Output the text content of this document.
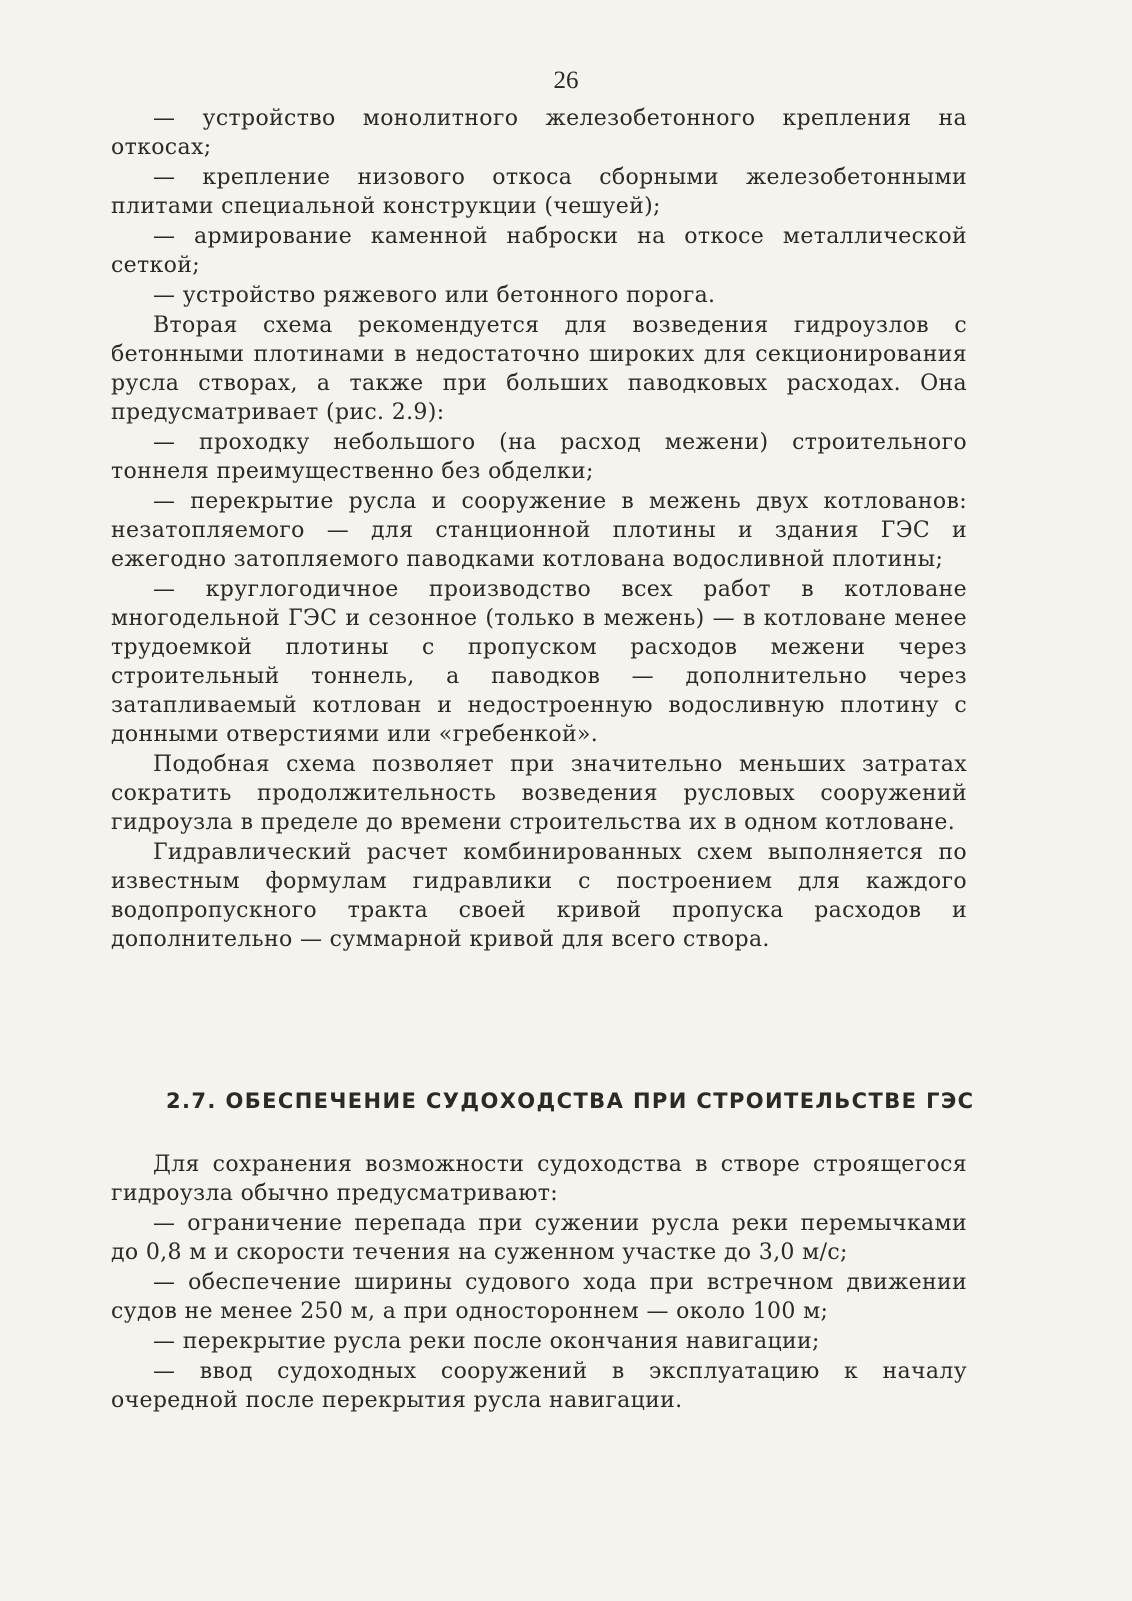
26

— устройство монолитного железобетонного крепления на откосах;

— крепление низового откоса сборными железобетонными плитами специальной конструкции (чешуей);

— армирование каменной наброски на откосе металлической сеткой;

— устройство ряжевого или бетонного порога.

Вторая схема рекомендуется для возведения гидроузлов с бетонными плотинами в недостаточно широких для секционирования русла створах, а также при больших паводковых расходах. Она предусматривает (рис. 2.9):

— проходку небольшого (на расход межени) строительного тоннеля преимущественно без обделки;

— перекрытие русла и сооружение в межень двух котлованов: незатопляемого — для станционной плотины и здания ГЭС и ежегодно затопляемого паводками котлована водосливной плотины;

— круглогодичное производство всех работ в котловане многодельной ГЭС и сезонное (только в межень) — в котловане менее трудоемкой плотины с пропуском расходов межени через строительный тоннель, а паводков — дополнительно через затапливаемый котлован и недостроенную водосливную плотину с донными отверстиями или «гребенкой».

Подобная схема позволяет при значительно меньших затратах сократить продолжительность возведения русловых сооружений гидроузла в пределе до времени строительства их в одном котловане.

Гидравлический расчет комбинированных схем выполняется по известным формулам гидравлики с построением для каждого водопропускного тракта своей кривой пропуска расходов и дополнительно — суммарной кривой для всего створа.

2.7. ОБЕСПЕЧЕНИЕ СУДОХОДСТВА ПРИ СТРОИТЕЛЬСТВЕ ГЭС

Для сохранения возможности судоходства в створе строящегося гидроузла обычно предусматривают:

— ограничение перепада при сужении русла реки перемычками до 0,8 м и скорости течения на суженном участке до 3,0 м/с;

— обеспечение ширины судового хода при встречном движении судов не менее 250 м, а при одностороннем — около 100 м;

— перекрытие русла реки после окончания навигации;

— ввод судоходных сооружений в эксплуатацию к началу очередной после перекрытия русла навигации.
